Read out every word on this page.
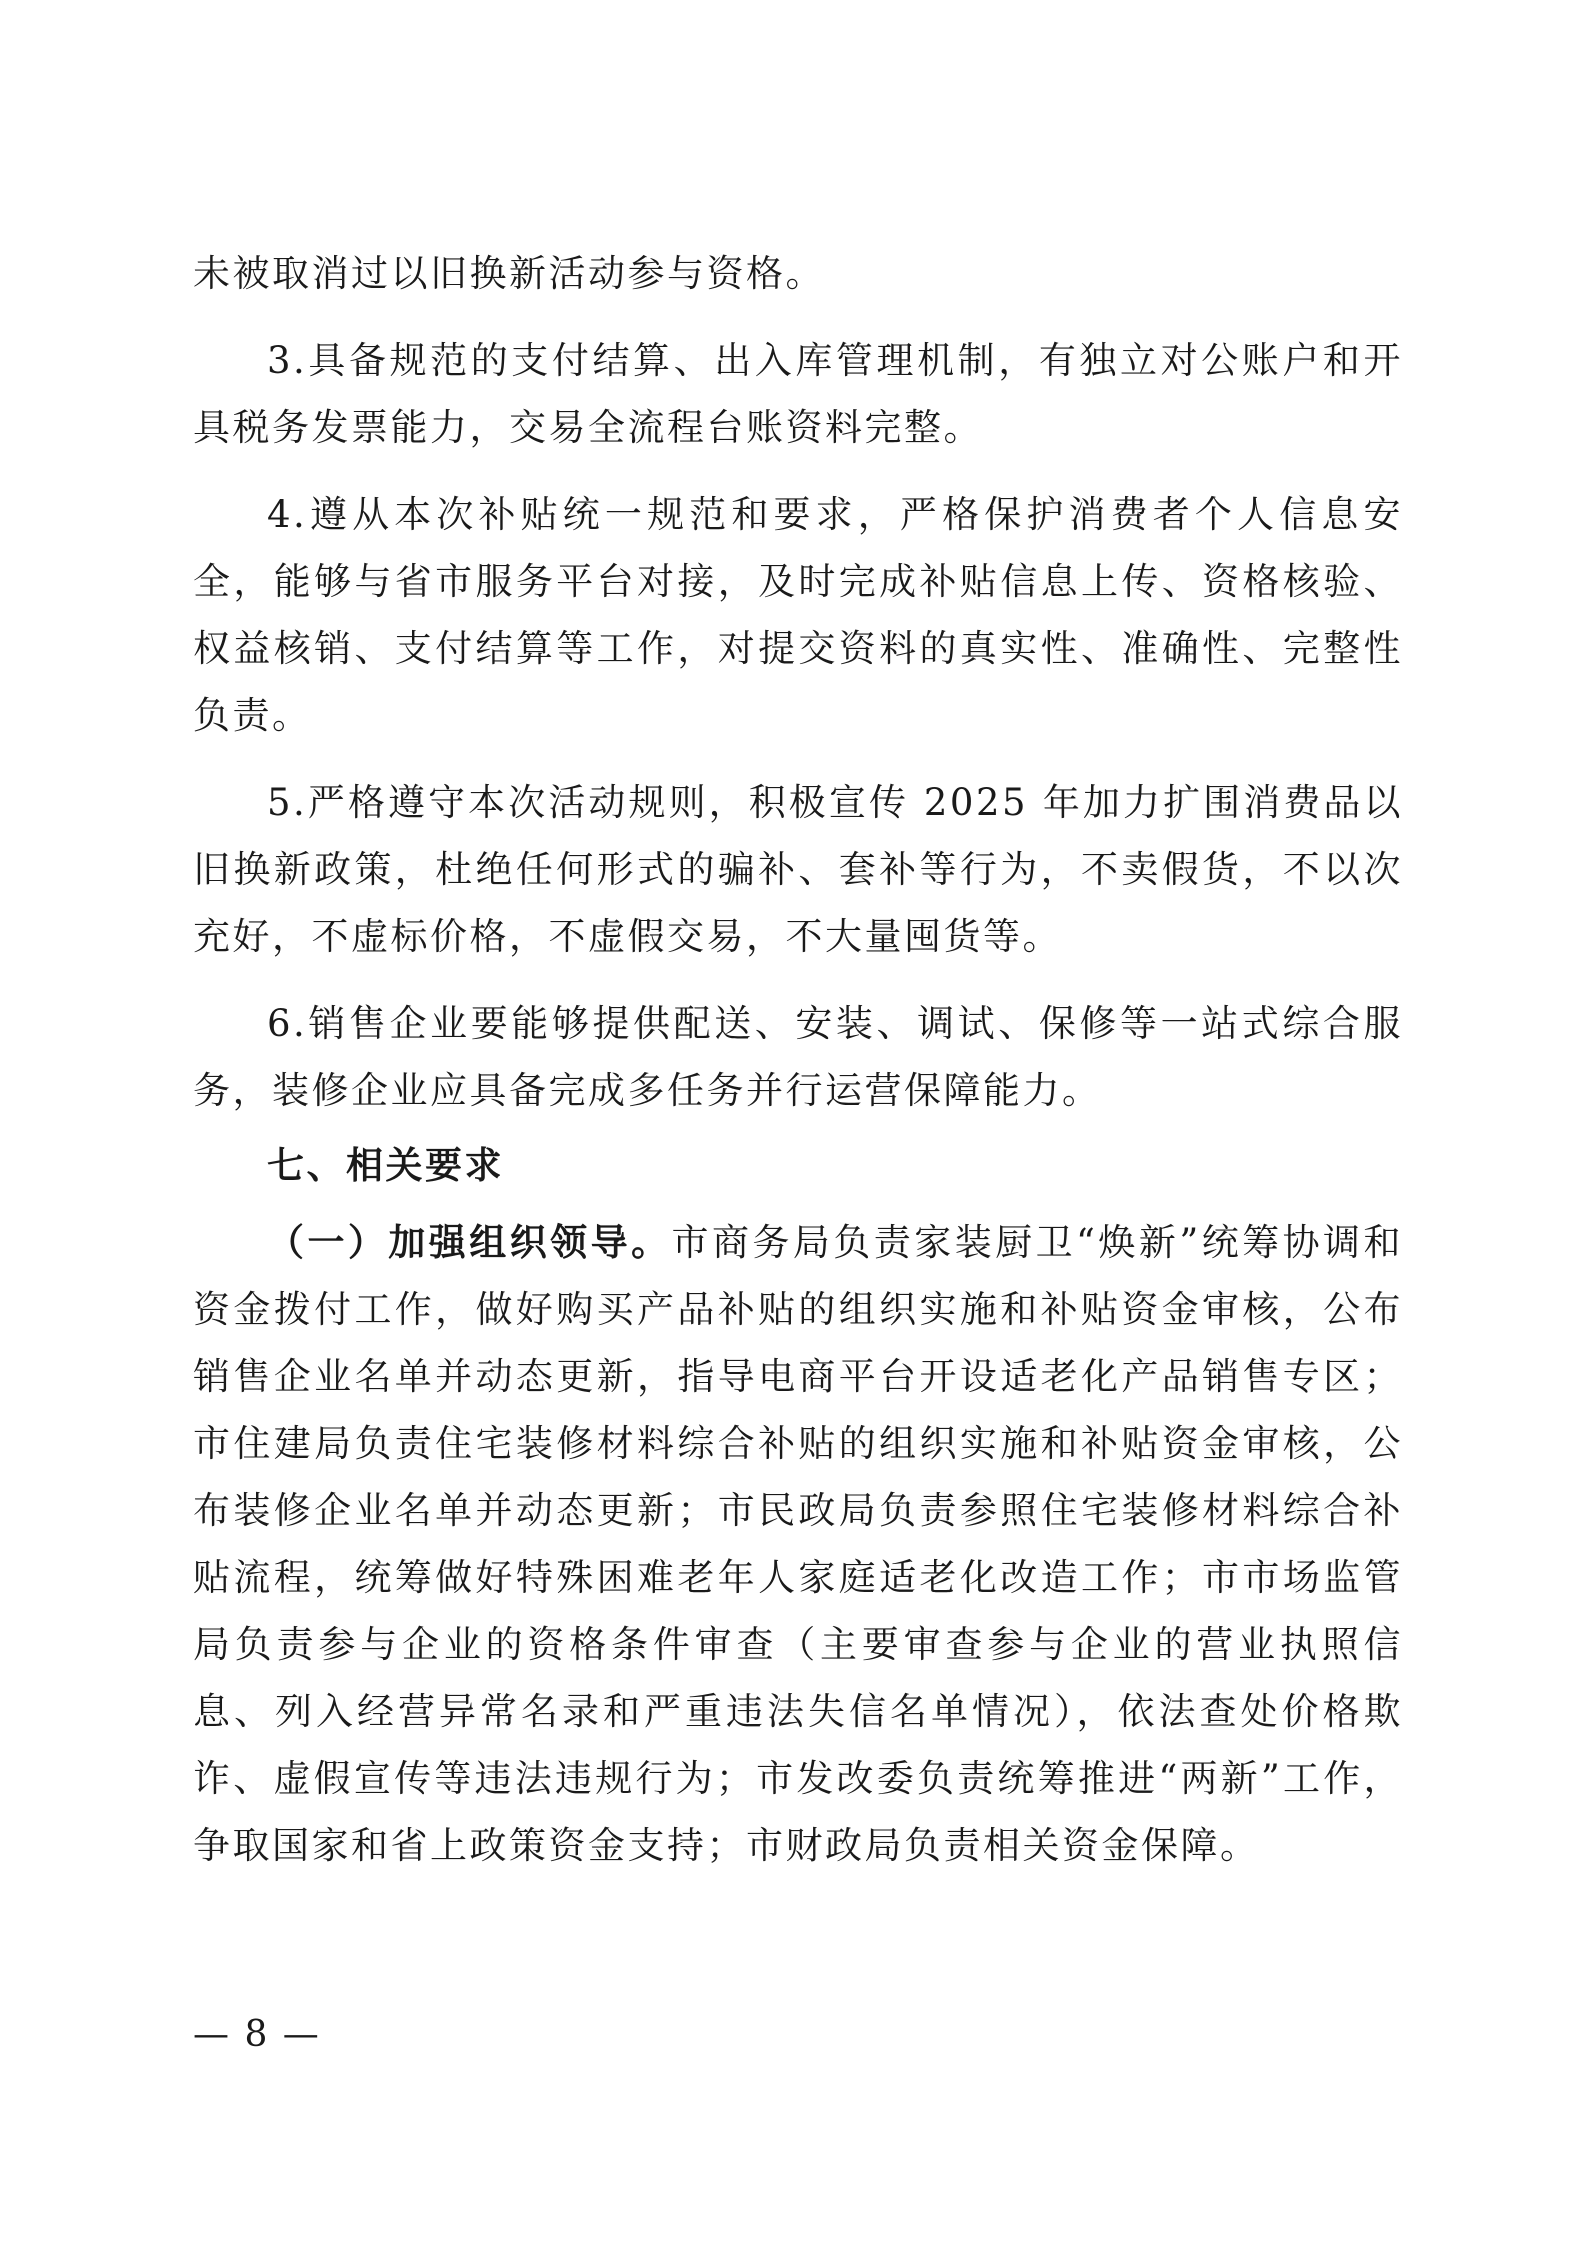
未被取消过以旧换新活动参与资格。

3.具备规范的支付结算、出入库管理机制，有独立对公账户和开具税务发票能力，交易全流程台账资料完整。

4.遵从本次补贴统一规范和要求，严格保护消费者个人信息安全，能够与省市服务平台对接，及时完成补贴信息上传、资格核验、权益核销、支付结算等工作，对提交资料的真实性、准确性、完整性负责。

5.严格遵守本次活动规则，积极宣传 2025 年加力扩围消费品以旧换新政策，杜绝任何形式的骗补、套补等行为，不卖假货，不以次充好，不虚标价格，不虚假交易，不大量囤货等。

6.销售企业要能够提供配送、安装、调试、保修等一站式综合服务，装修企业应具备完成多任务并行运营保障能力。

七、相关要求

（一）加强组织领导。市商务局负责家装厨卫“焕新”统筹协调和资金拨付工作，做好购买产品补贴的组织实施和补贴资金审核，公布销售企业名单并动态更新，指导电商平台开设适老化产品销售专区；市住建局负责住宅装修材料综合补贴的组织实施和补贴资金审核，公布装修企业名单并动态更新；市民政局负责参照住宅装修材料综合补贴流程，统筹做好特殊困难老年人家庭适老化改造工作；市市场监管局负责参与企业的资格条件审查（主要审查参与企业的营业执照信息、列入经营异常名录和严重违法失信名单情况），依法查处价格欺诈、虚假宣传等违法违规行为；市发改委负责统筹推进“两新”工作，争取国家和省上政策资金支持；市财政局负责相关资金保障。

— 8 —
